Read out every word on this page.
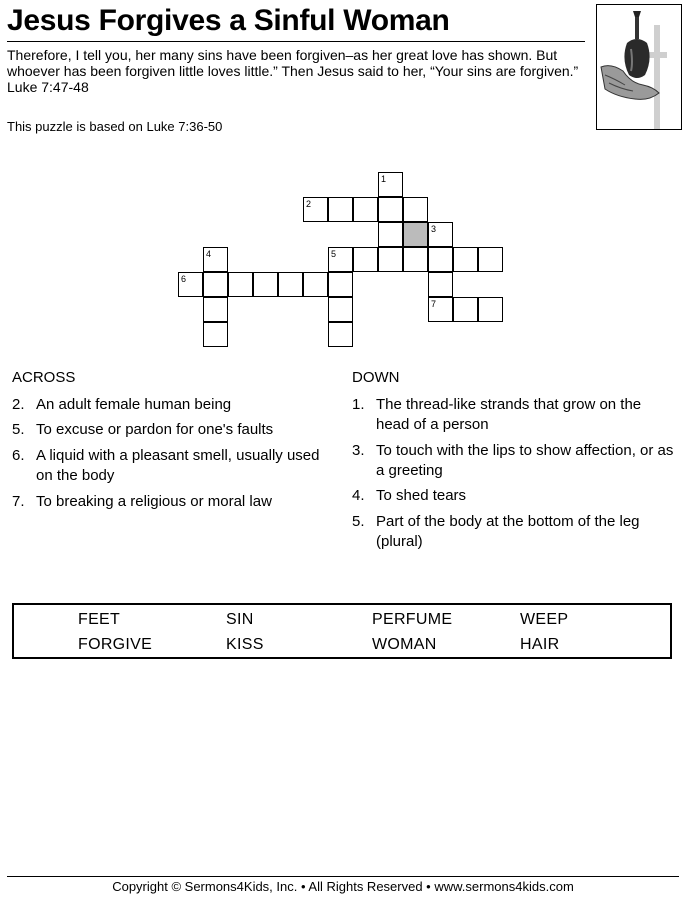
Jesus Forgives a Sinful Woman
Therefore, I tell you, her many sins have been forgiven–as her great love has shown. But whoever has been forgiven little loves little.” Then Jesus said to her, “Your sins are forgiven.” Luke 7:47-48
This puzzle is based on Luke 7:36-50
1
2
3
4	5
6
7
ACROSS	DOWN
2. An adult female human being
5. To excuse or pardon for one's faults
6. A liquid with a pleasant smell, usually used on the body
7. To breaking a religious or moral law
1. The thread-like strands that grow on the head of a person
3. To touch with the lips to show affection, or as a greeting
4. To shed tears
5. Part of the body at the bottom of the leg (plural)
FEET	SIN	PERFUME	WEEP
FORGIVE	KISS	WOMAN	HAIR
Copyright © Sermons4Kids, Inc. • All Rights Reserved • www.sermons4kids.com
